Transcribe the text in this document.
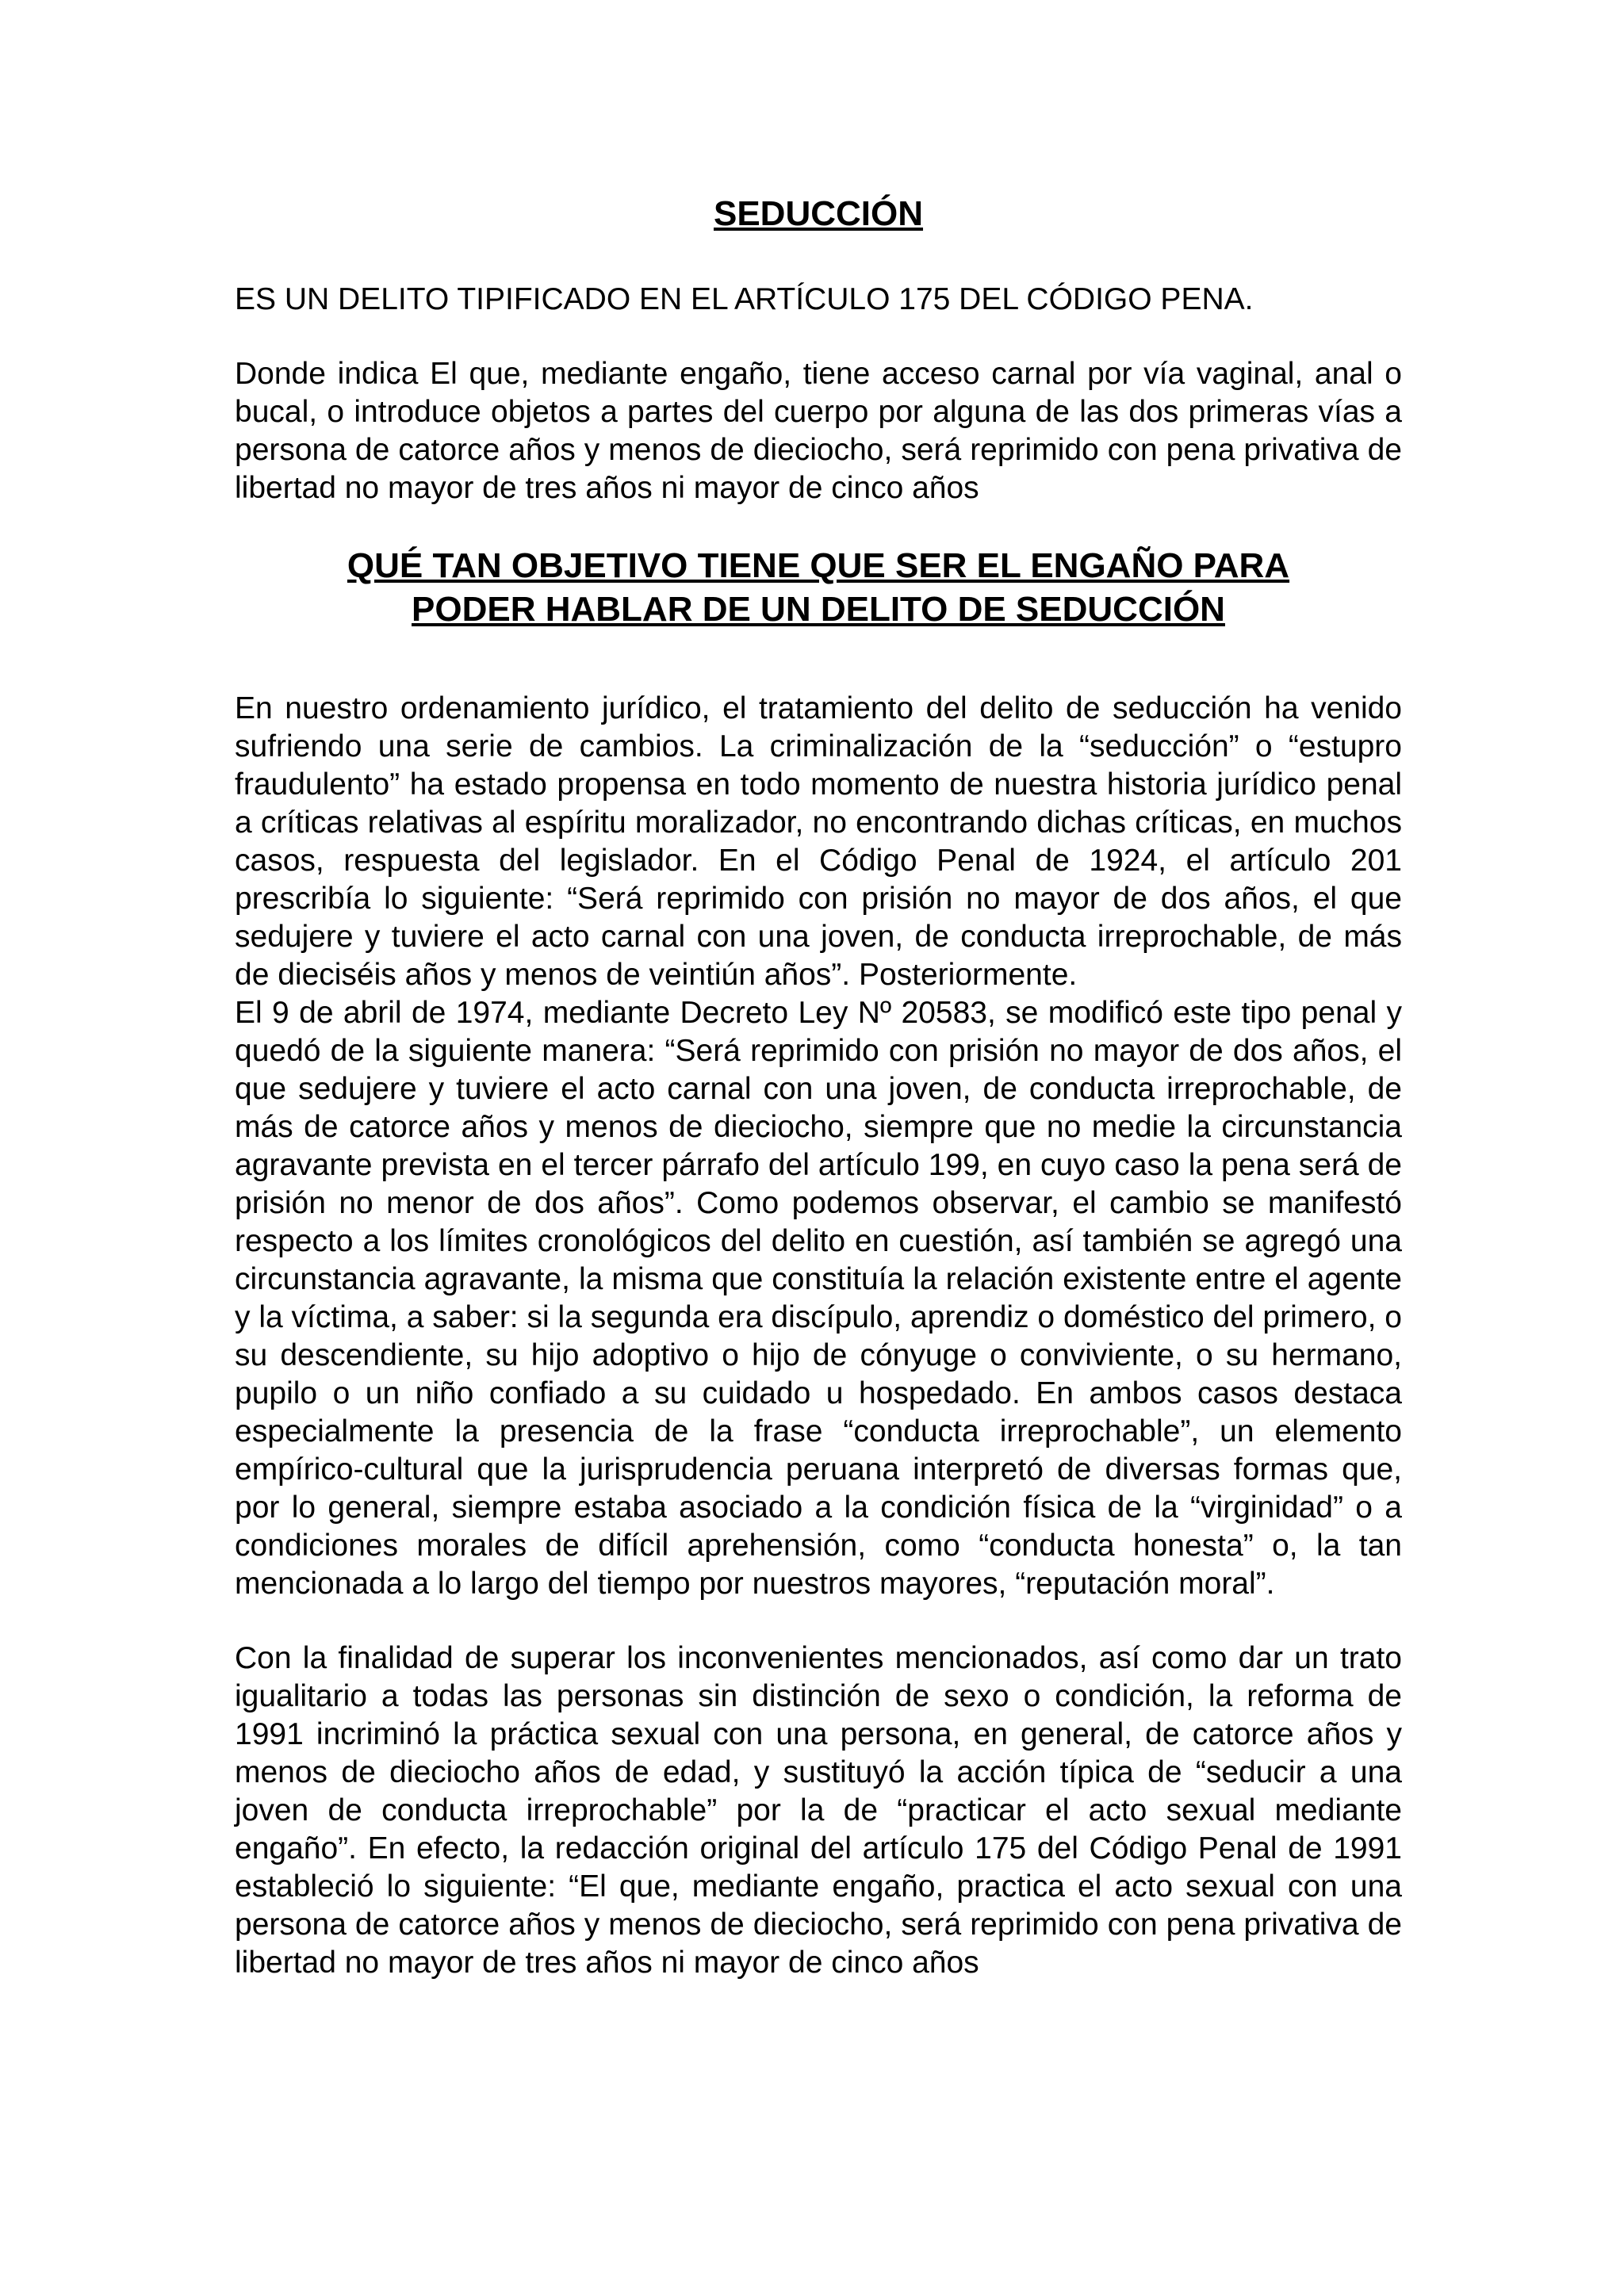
SEDUCCIÓN

ES UN DELITO TIPIFICADO EN EL ARTÍCULO 175 DEL CÓDIGO PENA.

Donde indica El que, mediante engaño, tiene acceso carnal por vía vaginal, anal o bucal, o introduce objetos a partes del cuerpo por alguna de las dos primeras vías a persona de catorce años y menos de dieciocho, será reprimido con pena privativa de libertad no mayor de tres años ni mayor de cinco años

QUÉ TAN OBJETIVO TIENE QUE SER EL ENGAÑO PARA
PODER HABLAR DE UN DELITO DE SEDUCCIÓN

En nuestro ordenamiento jurídico, el tratamiento del delito de seducción ha venido sufriendo una serie de cambios. La criminalización de la “seducción” o “estupro fraudulento” ha estado propensa en todo momento de nuestra historia jurídico penal a críticas relativas al espíritu moralizador, no encontrando dichas críticas, en muchos casos, respuesta del legislador. En el Código Penal de 1924, el artículo 201 prescribía lo siguiente: “Será reprimido con prisión no mayor de dos años, el que sedujere y tuviere el acto carnal con una joven, de conducta irreprochable, de más de dieciséis años y menos de veintiún años”. Posteriormente.

El 9 de abril de 1974, mediante Decreto Ley Nº 20583, se modificó este tipo penal y quedó de la siguiente manera: “Será reprimido con prisión no mayor de dos años, el que sedujere y tuviere el acto carnal con una joven, de conducta irreprochable, de más de catorce años y menos de dieciocho, siempre que no medie la circunstancia agravante prevista en el tercer párrafo del artículo 199, en cuyo caso la pena será de prisión no menor de dos años”. Como podemos observar, el cambio se manifestó respecto a los límites cronológicos del delito en cuestión, así también se agregó una circunstancia agravante, la misma que constituía la relación existente entre el agente y la víctima, a saber: si la segunda era discípulo, aprendiz o doméstico del primero, o su descendiente, su hijo adoptivo o hijo de cónyuge o conviviente, o su hermano, pupilo o un niño confiado a su cuidado u hospedado. En ambos casos destaca especialmente la presencia de la frase “conducta irreprochable”, un elemento empírico-cultural que la jurisprudencia peruana interpretó de diversas formas que, por lo general, siempre estaba asociado a la condición física de la “virginidad” o a condiciones morales de difícil aprehensión, como “conducta honesta” o, la tan mencionada a lo largo del tiempo por nuestros mayores, “reputación moral”.

Con la finalidad de superar los inconvenientes mencionados, así como dar un trato igualitario a todas las personas sin distinción de sexo o condición, la reforma de 1991 incriminó la práctica sexual con una persona, en general, de catorce años y menos de dieciocho años de edad, y sustituyó la acción típica de “seducir a una joven de conducta irreprochable” por la de “practicar el acto sexual mediante engaño”. En efecto, la redacción original del artículo 175 del Código Penal de 1991 estableció lo siguiente: “El que, mediante engaño, practica el acto sexual con una persona de catorce años y menos de dieciocho, será reprimido con pena privativa de libertad no mayor de tres años ni mayor de cinco años
